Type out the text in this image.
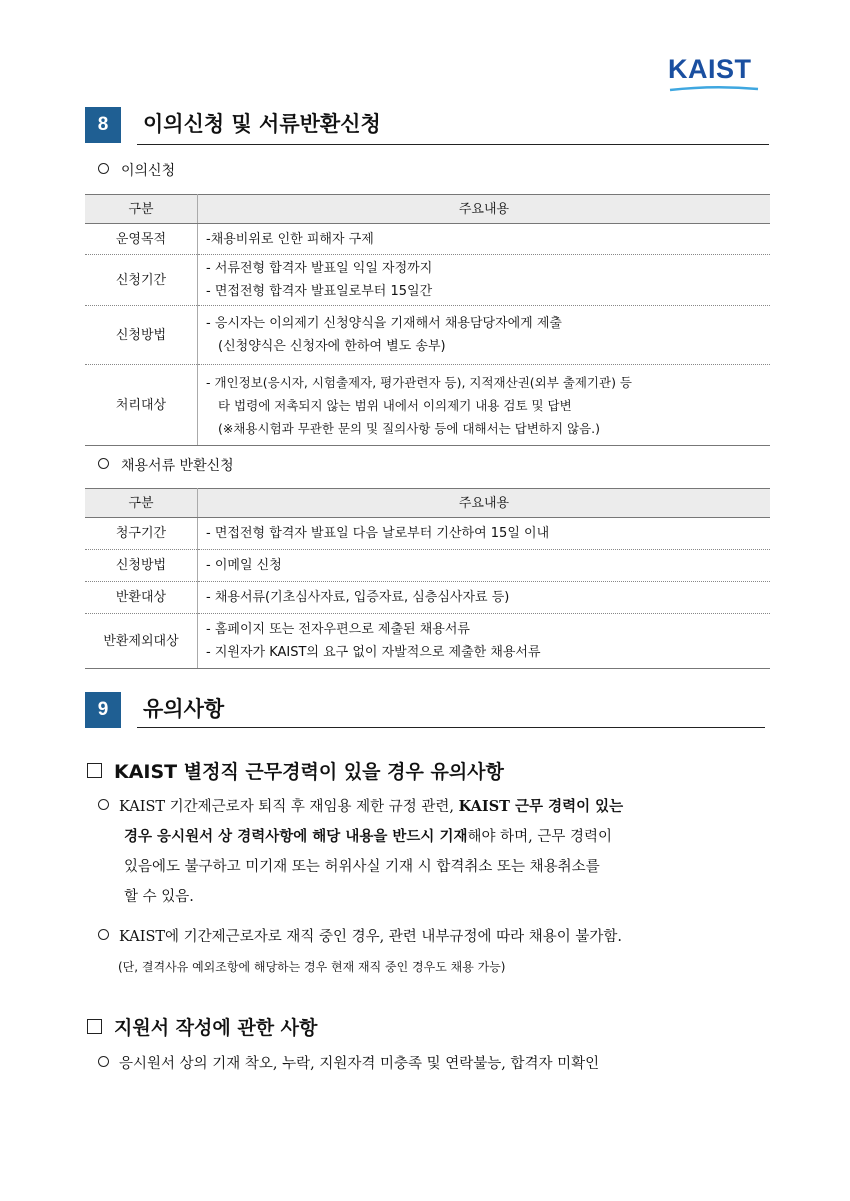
KAIST
8	이의신청 및 서류반환신청
이의신청
구분	주요내용
운영목적	-채용비위로 인한 피해자 구제

신청기간	- 서류전형 합격자 발표일 익일 자정까지
- 면접전형 합격자 발표일로부터 15일간

신청방법	- 응시자는 이의제기 신청양식을 기재해서 채용담당자에게 제출
(신청양식은 신청자에 한하여 별도 송부)

처리대상	- 개인정보(응시자, 시험출제자, 평가관련자 등), 지적재산권(외부 출제기관) 등
타 법령에 저촉되지 않는 범위 내에서 이의제기 내용 검토 및 답변
(※채용시험과 무관한 문의 및 질의사항 등에 대해서는 답변하지 않음.)
채용서류 반환신청
구분	주요내용
청구기간	- 면접전형 합격자 발표일 다음 날로부터 기산하여 15일 이내

신청방법	- 이메일 신청

반환대상	- 채용서류(기초심사자료, 입증자료, 심층심사자료 등)

반환제외대상	- 홈페이지 또는 전자우편으로 제출된 채용서류
- 지원자가 KAIST의 요구 없이 자발적으로 제출한 채용서류
9	유의사항
KAIST 별정직 근무경력이 있을 경우 유의사항
KAIST 기간제근로자 퇴직 후 재임용 제한 규정 관련, KAIST 근무 경력이 있는
경우 응시원서 상 경력사항에 해당 내용을 반드시 기재해야 하며, 근무 경력이
있음에도 불구하고 미기재 또는 허위사실 기재 시 합격취소 또는 채용취소를
할 수 있음.
KAIST에 기간제근로자로 재직 중인 경우, 관련 내부규정에 따라 채용이 불가함.
(단, 결격사유 예외조항에 해당하는 경우 현재 재직 중인 경우도 채용 가능)
지원서 작성에 관한 사항
응시원서 상의 기재 착오, 누락, 지원자격 미충족 및 연락불능, 합격자 미확인
